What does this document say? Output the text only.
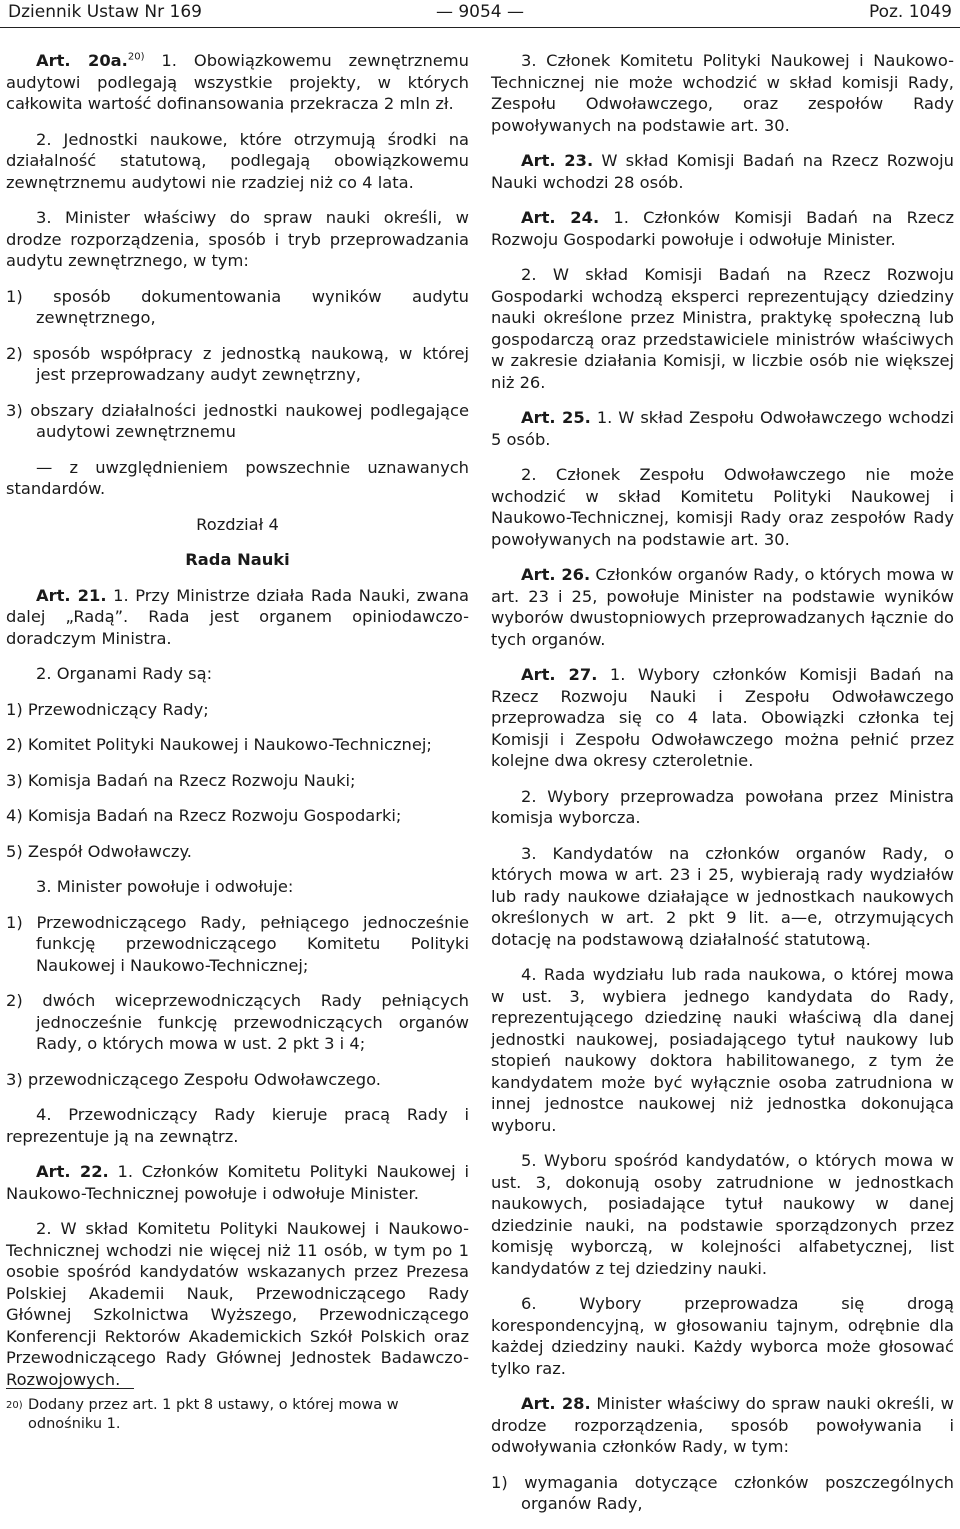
— 9054 —
Dziennik Ustaw Nr 169	Poz. 1049

Art. 20a.$^{20)}$ 1. Obowiązkowemu zewnętrznemu audytowi podlegają wszystkie projekty, w których całkowita wartość dofinansowania przekracza 2 mln zł.

2. Jednostki naukowe, które otrzymują środki na działalność statutową, podlegają obowiązkowemu zewnętrznemu audytowi nie rzadziej niż co 4 lata.

3. Minister właściwy do spraw nauki określi, w drodze rozporządzenia, sposób i tryb przeprowadzania audytu zewnętrznego, w tym:

1) sposób dokumentowania wyników audytu zewnętrznego,
2) sposób współpracy z jednostką naukową, w której jest przeprowadzany audyt zewnętrzny,
3) obszary działalności jednostki naukowej podlegające audytowi zewnętrznemu

— z uwzględnieniem powszechnie uznawanych standardów.

Rozdział 4

Rada Nauki

Art. 21. 1. Przy Ministrze działa Rada Nauki, zwana dalej „Radą”. Rada jest organem opiniodawczo-doradczym Ministra.

2. Organami Rady są:

1) Przewodniczący Rady;
2) Komitet Polityki Naukowej i Naukowo-Technicznej;
3) Komisja Badań na Rzecz Rozwoju Nauki;
4) Komisja Badań na Rzecz Rozwoju Gospodarki;
5) Zespół Odwoławczy.

3. Minister powołuje i odwołuje:

1) Przewodniczącego Rady, pełniącego jednocześnie funkcję przewodniczącego Komitetu Polityki Naukowej i Naukowo-Technicznej;
2) dwóch wiceprzewodniczących Rady pełniących jednocześnie funkcję przewodniczących organów Rady, o których mowa w ust. 2 pkt 3 i 4;
3) przewodniczącego Zespołu Odwoławczego.

4. Przewodniczący Rady kieruje pracą Rady i reprezentuje ją na zewnątrz.

Art. 22. 1. Członków Komitetu Polityki Naukowej i Naukowo-Technicznej powołuje i odwołuje Minister.

2. W skład Komitetu Polityki Naukowej i Naukowo-Technicznej wchodzi nie więcej niż 11 osób, w tym po 1 osobie spośród kandydatów wskazanych przez Prezesa Polskiej Akademii Nauk, Przewodniczącego Rady Głównej Szkolnictwa Wyższego, Przewodniczącego Konferencji Rektorów Akademickich Szkół Polskich oraz Przewodniczącego Rady Głównej Jednostek Badawczo-Rozwojowych.

3. Członek Komitetu Polityki Naukowej i Naukowo-Technicznej nie może wchodzić w skład komisji Rady, Zespołu Odwoławczego, oraz zespołów Rady powoływanych na podstawie art. 30.

Art. 23. W skład Komisji Badań na Rzecz Rozwoju Nauki wchodzi 28 osób.

Art. 24. 1. Członków Komisji Badań na Rzecz Rozwoju Gospodarki powołuje i odwołuje Minister.

2. W skład Komisji Badań na Rzecz Rozwoju Gospodarki wchodzą eksperci reprezentujący dziedziny nauki określone przez Ministra, praktykę społeczną lub gospodarczą oraz przedstawiciele ministrów właściwych w zakresie działania Komisji, w liczbie osób nie większej niż 26.

Art. 25. 1. W skład Zespołu Odwoławczego wchodzi 5 osób.

2. Członek Zespołu Odwoławczego nie może wchodzić w skład Komitetu Polityki Naukowej i Naukowo-Technicznej, komisji Rady oraz zespołów Rady powoływanych na podstawie art. 30.

Art. 26. Członków organów Rady, o których mowa w art. 23 i 25, powołuje Minister na podstawie wyników wyborów dwustopniowych przeprowadzanych łącznie do tych organów.

Art. 27. 1. Wybory członków Komisji Badań na Rzecz Rozwoju Nauki i Zespołu Odwoławczego przeprowadza się co 4 lata. Obowiązki członka tej Komisji i Zespołu Odwoławczego można pełnić przez kolejne dwa okresy czteroletnie.

2. Wybory przeprowadza powołana przez Ministra komisja wyborcza.

3. Kandydatów na członków organów Rady, o których mowa w art. 23 i 25, wybierają rady wydziałów lub rady naukowe działające w jednostkach naukowych określonych w art. 2 pkt 9 lit. a—e, otrzymujących dotację na podstawową działalność statutową.

4. Rada wydziału lub rada naukowa, o której mowa w ust. 3, wybiera jednego kandydata do Rady, reprezentującego dziedzinę nauki właściwą dla danej jednostki naukowej, posiadającego tytuł naukowy lub stopień naukowy doktora habilitowanego, z tym że kandydatem może być wyłącznie osoba zatrudniona w innej jednostce naukowej niż jednostka dokonująca wyboru.

5. Wyboru spośród kandydatów, o których mowa w ust. 3, dokonują osoby zatrudnione w jednostkach naukowych, posiadające tytuł naukowy w danej dziedzinie nauki, na podstawie sporządzonych przez komisję wyborczą, w kolejności alfabetycznej, list kandydatów z tej dziedziny nauki.

6. Wybory przeprowadza się drogą korespondencyjną, w głosowaniu tajnym, odrębnie dla każdej dziedziny nauki. Każdy wyborca może głosować tylko raz.

Art. 28. Minister właściwy do spraw nauki określi, w drodze rozporządzenia, sposób powoływania i odwoływania członków Rady, w tym:

1) wymagania dotyczące członków poszczególnych organów Rady,
20) Dodany przez art. 1 pkt 8 ustawy, o której mowa w odnośniku 1.
